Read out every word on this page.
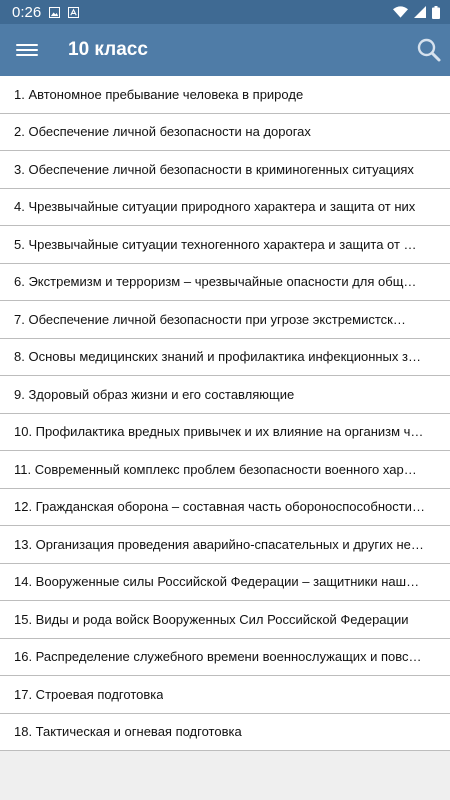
0:26
10 класс
1. Автономное пребывание человека в природе
2. Обеспечение личной безопасности на дорогах
3. Обеспечение личной безопасности в криминогенных ситуациях
4. Чрезвычайные ситуации природного характера и защита от них
5. Чрезвычайные ситуации техногенного характера и защита от …
6. Экстремизм и терроризм – чрезвычайные опасности для общ…
7. Обеспечение личной безопасности при угрозе экстремистск…
8. Основы медицинских знаний и профилактика инфекционных з…
9. Здоровый образ жизни и его составляющие
10. Профилактика вредных привычек и их влияние на организм ч…
11. Современный комплекс проблем безопасности военного хар…
12. Гражданская оборона – составная часть обороноспособности…
13. Организация проведения аварийно-спасательных и других не…
14. Вооруженные силы Российской Федерации – защитники наш…
15. Виды и рода войск Вооруженных Сил Российской Федерации
16. Распределение служебного времени военнослужащих и повс…
17. Строевая подготовка
18. Тактическая и огневая подготовка
